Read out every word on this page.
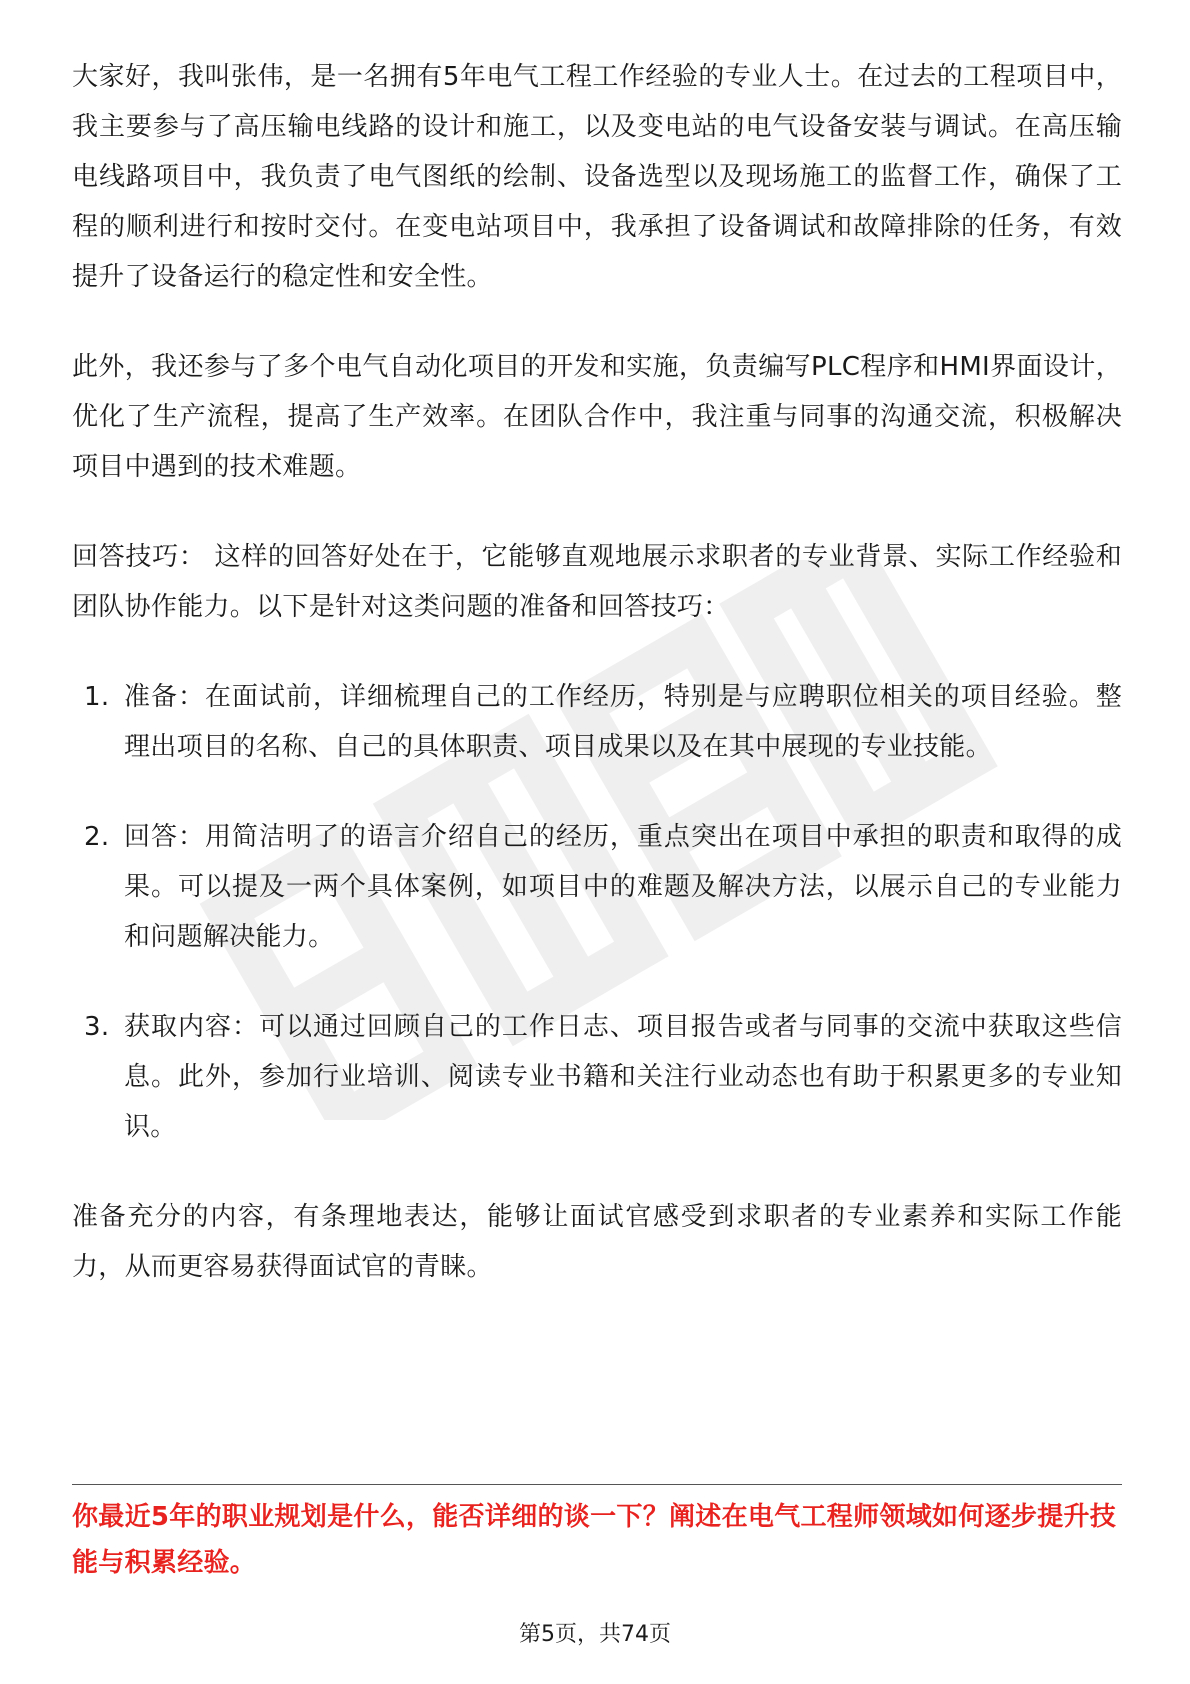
大家好，我叫张伟，是一名拥有5年电气工程工作经验的专业人士。在过去的工程项目中，我主要参与了高压输电线路的设计和施工，以及变电站的电气设备安装与调试。在高压输电线路项目中，我负责了电气图纸的绘制、设备选型以及现场施工的监督工作，确保了工程的顺利进行和按时交付。在变电站项目中，我承担了设备调试和故障排除的任务，有效提升了设备运行的稳定性和安全性。

此外，我还参与了多个电气自动化项目的开发和实施，负责编写PLC程序和HMI界面设计，优化了生产流程，提高了生产效率。在团队合作中，我注重与同事的沟通交流，积极解决项目中遇到的技术难题。

回答技巧： 这样的回答好处在于，它能够直观地展示求职者的专业背景、实际工作经验和团队协作能力。以下是针对这类问题的准备和回答技巧：

1. 准备：在面试前，详细梳理自己的工作经历，特别是与应聘职位相关的项目经验。整理出项目的名称、自己的具体职责、项目成果以及在其中展现的专业技能。
2. 回答：用简洁明了的语言介绍自己的经历，重点突出在项目中承担的职责和取得的成果。可以提及一两个具体案例，如项目中的难题及解决方法，以展示自己的专业能力和问题解决能力。
3. 获取内容：可以通过回顾自己的工作日志、项目报告或者与同事的交流中获取这些信息。此外，参加行业培训、阅读专业书籍和关注行业动态也有助于积累更多的专业知识。

准备充分的内容，有条理地表达，能够让面试官感受到求职者的专业素养和实际工作能力，从而更容易获得面试官的青睐。

你最近5年的职业规划是什么，能否详细的谈一下？阐述在电气工程师领域如何逐步提升技能与积累经验。

第5页，共74页
